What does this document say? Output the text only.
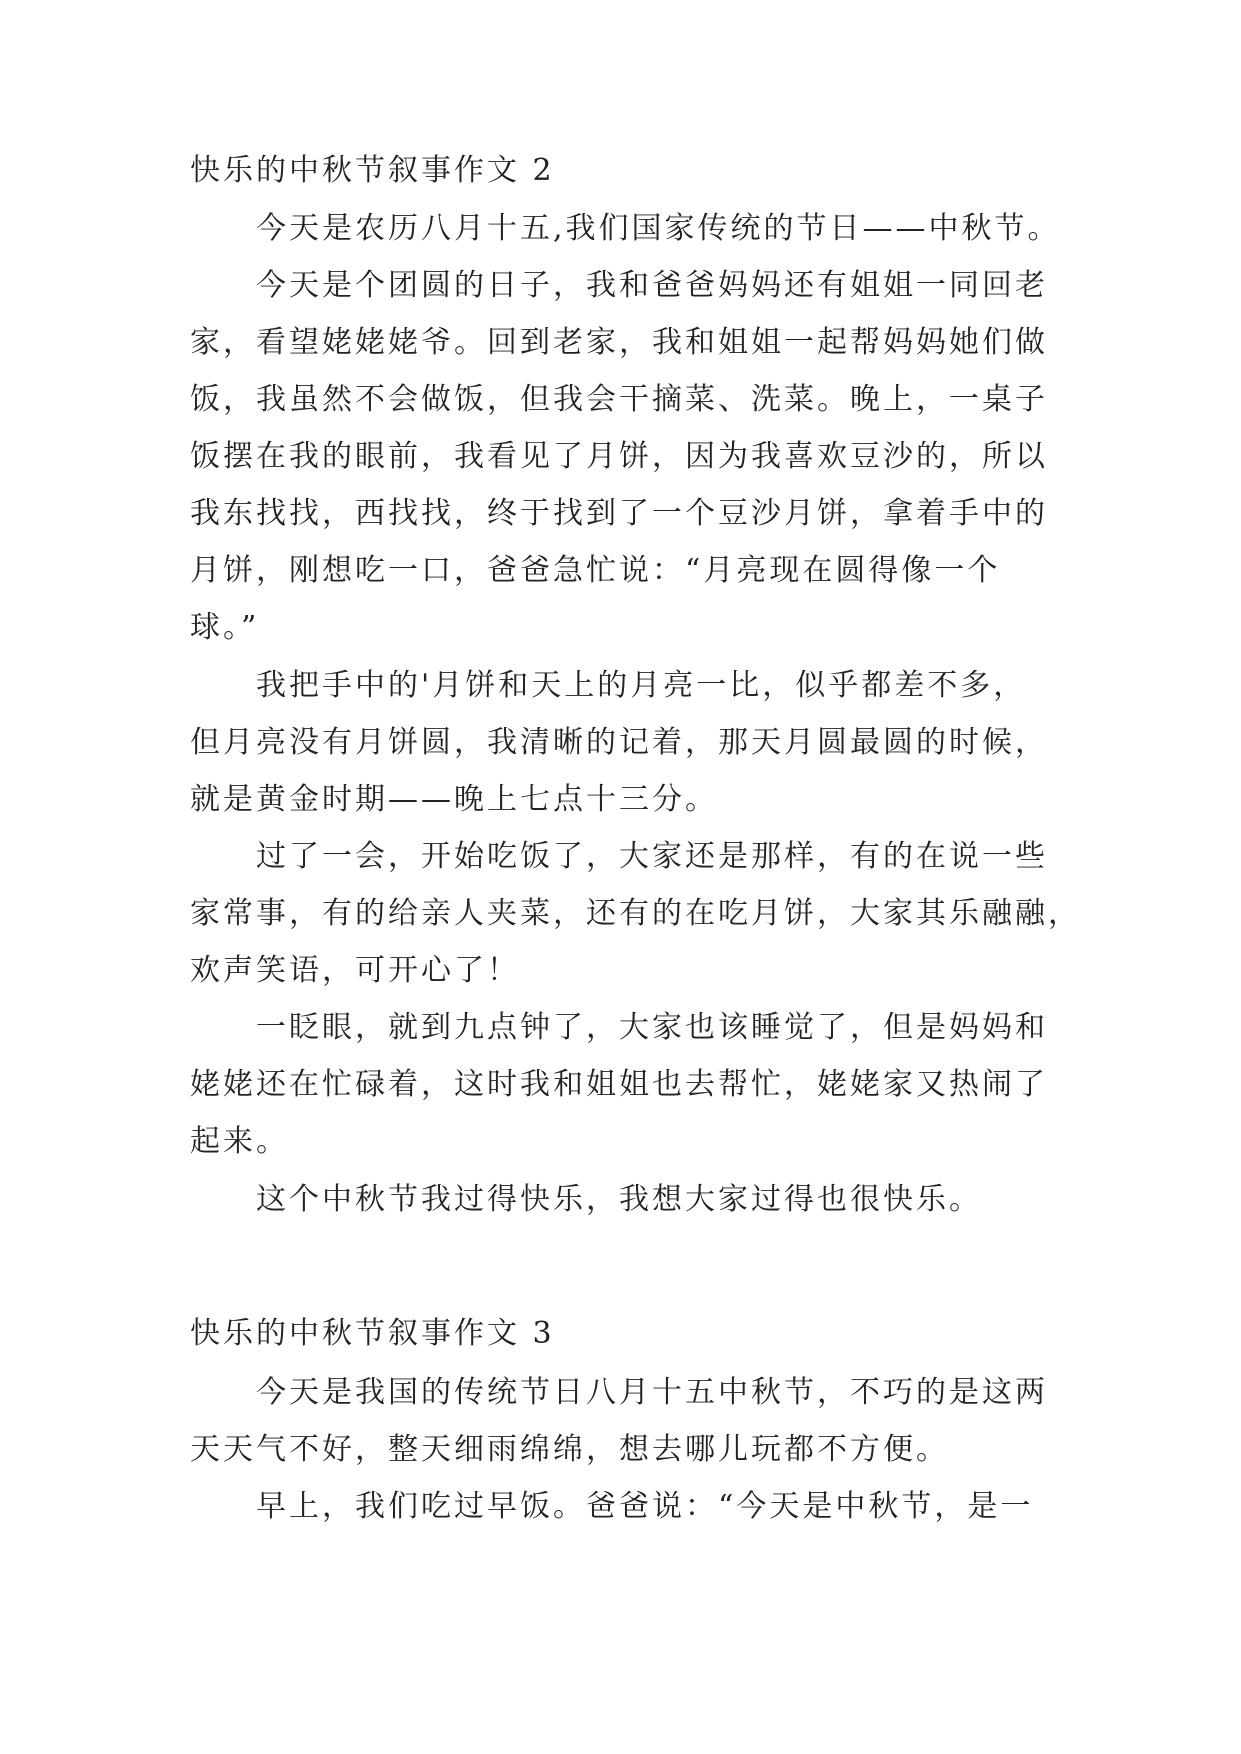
快乐的中秋节叙事作文 2
今天是农历八月十五,我们国家传统的节日——中秋节。
今天是个团圆的日子，我和爸爸妈妈还有姐姐一同回老
家，看望姥姥姥爷。回到老家，我和姐姐一起帮妈妈她们做
饭，我虽然不会做饭，但我会干摘菜、洗菜。晚上，一桌子
饭摆在我的眼前，我看见了月饼，因为我喜欢豆沙的，所以
我东找找，西找找，终于找到了一个豆沙月饼，拿着手中的
月饼，刚想吃一口，爸爸急忙说：“月亮现在圆得像一个
球。”
我把手中的'月饼和天上的月亮一比，似乎都差不多，
但月亮没有月饼圆，我清晰的记着，那天月圆最圆的时候，
就是黄金时期——晚上七点十三分。
过了一会，开始吃饭了，大家还是那样，有的在说一些
家常事，有的给亲人夹菜，还有的在吃月饼，大家其乐融融，
欢声笑语，可开心了！
一眨眼，就到九点钟了，大家也该睡觉了，但是妈妈和
姥姥还在忙碌着，这时我和姐姐也去帮忙，姥姥家又热闹了
起来。
这个中秋节我过得快乐，我想大家过得也很快乐。
快乐的中秋节叙事作文 3
今天是我国的传统节日八月十五中秋节，不巧的是这两
天天气不好，整天细雨绵绵，想去哪儿玩都不方便。
早上，我们吃过早饭。爸爸说：“今天是中秋节，是一
